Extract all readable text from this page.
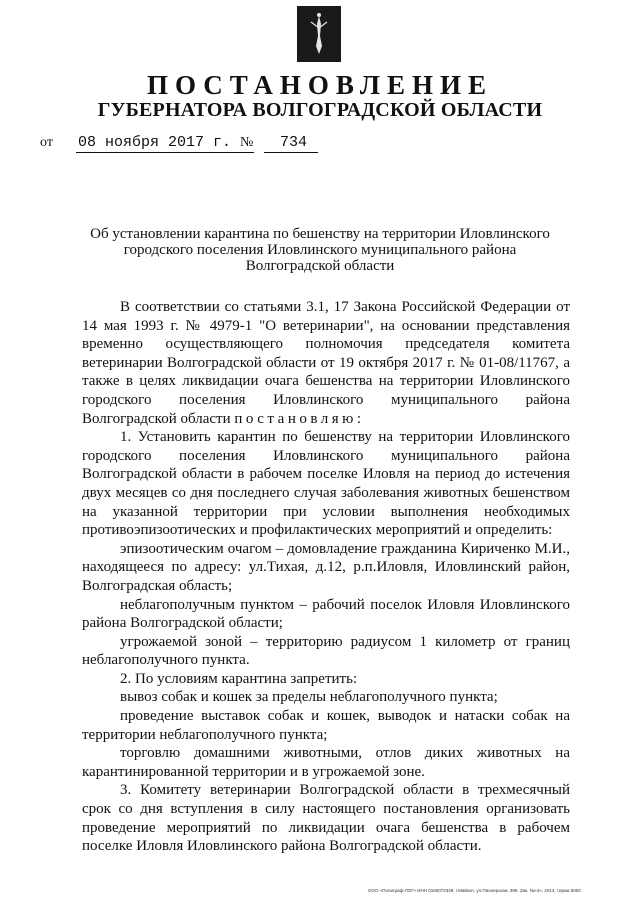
ПОСТАНОВЛЕНИЕ
ГУБЕРНАТОРА ВОЛГОГРАДСКОЙ ОБЛАСТИ
от 08 ноября 2017 г. № 734

Об установлении карантина по бешенству на территории Иловлинского городского поселения Иловлинского муниципального района Волгоградской области

В соответствии со статьями 3.1, 17 Закона Российской Федерации от 14 мая 1993 г. № 4979-1 "О ветеринарии", на основании представления временно осуществляющего полномочия председателя комитета ветеринарии Волгоградской области от 19 октября 2017 г. № 01-08/11767, а также в целях ликвидации очага бешенства на территории Иловлинского городского поселения Иловлинского муниципального района Волгоградской области постановляю:

1. Установить карантин по бешенству на территории Иловлинского городского поселения Иловлинского муниципального района Волгоградской области в рабочем поселке Иловля на период до истечения двух месяцев со дня последнего случая заболевания животных бешенством на указанной территории при условии выполнения необходимых противоэпизоотических и профилактических мероприятий и определить:

эпизоотическим очагом – домовладение гражданина Кириченко М.И., находящееся по адресу: ул.Тихая, д.12, р.п.Иловля, Иловлинский район, Волгоградская область;

неблагополучным пунктом – рабочий поселок Иловля Иловлинского района Волгоградской области;

угрожаемой зоной – территорию радиусом 1 километр от границ неблагополучного пункта.

2. По условиям карантина запретить:

вывоз собак и кошек за пределы неблагополучного пункта;

проведение выставок собак и кошек, выводок и натаски собак на территории неблагополучного пункта;

торговлю домашними животными, отлов диких животных на карантинированной территории и в угрожаемой зоне.

3. Комитету ветеринарии Волгоградской области в трехмесячный срок со дня вступления в силу настоящего постановления организовать проведение мероприятий по ликвидации очага бешенства в рабочем поселке Иловля Иловлинского района Волгоградской области.

ООО «Полиграф-ЛОГ» ИНН 0160072349, г.Майкоп, ул.Пионерская, 398. Зак. №«3», 2013, тираж 5000
